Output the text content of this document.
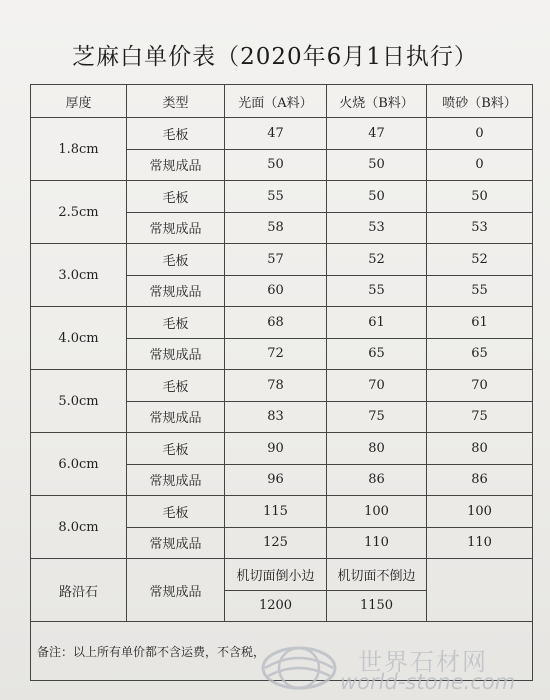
芝麻白单价表（2020年6月1日执行）
厚度	类型	光面（A料）	火烧（B料）	喷砂（B料）
1.8cm	毛板	47	47	0
	常规成品	50	50	0
2.5cm	毛板	55	50	50
	常规成品	58	53	53
3.0cm	毛板	57	52	52
	常规成品	60	55	55
4.0cm	毛板	68	61	61
	常规成品	72	65	65
5.0cm	毛板	78	70	70
	常规成品	83	75	75
6.0cm	毛板	90	80	80
	常规成品	96	86	86
8.0cm	毛板	115	100	100
	常规成品	125	110	110
路沿石	常规成品	机切面倒小边	机切面不倒边	
		1200	1150	
备注：以上所有单价都不含运费，不含税，					世界石材网
world-stone.com
